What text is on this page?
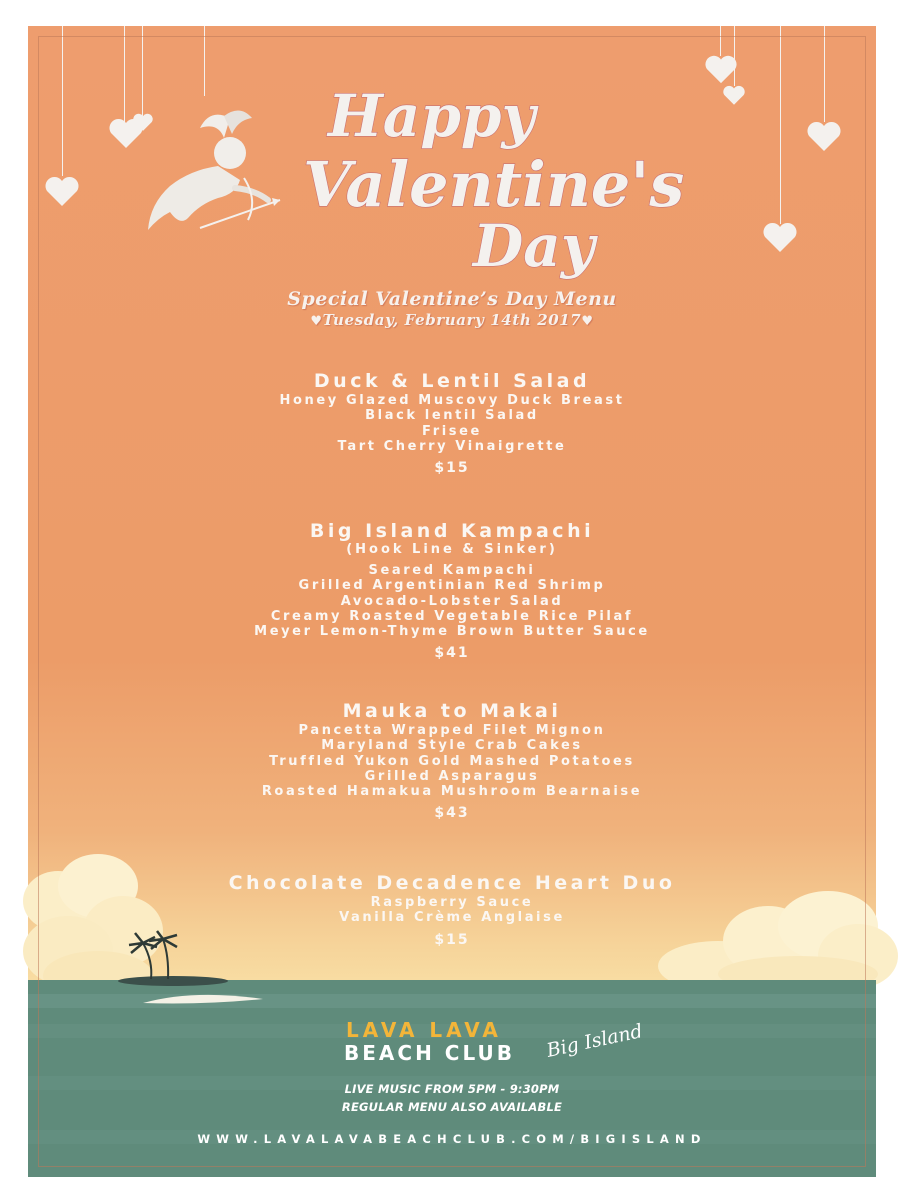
Happy
Valentine's
Day
Special Valentine’s Day Menu
♥Tuesday, February 14th 2017♥
Duck & Lentil Salad
Honey Glazed Muscovy Duck Breast
Black lentil Salad
Frisee
Tart Cherry Vinaigrette
$15
Big Island Kampachi
(Hook Line & Sinker)
Seared Kampachi
Grilled Argentinian Red Shrimp
Avocado-Lobster Salad
Creamy Roasted Vegetable Rice Pilaf
Meyer Lemon-Thyme Brown Butter Sauce
$41
Mauka to Makai
Pancetta Wrapped Filet Mignon
Maryland Style Crab Cakes
Truffled Yukon Gold Mashed Potatoes
Grilled Asparagus
Roasted Hamakua Mushroom Bearnaise
$43
Chocolate Decadence Heart Duo
Raspberry Sauce
Vanilla Crème Anglaise
$15
LAVA LAVA
BEACH CLUB Big Island
LIVE MUSIC FROM 5PM - 9:30PM
REGULAR MENU ALSO AVAILABLE
WWW.LAVALAVABEACHCLUB.COM/BIGISLAND
